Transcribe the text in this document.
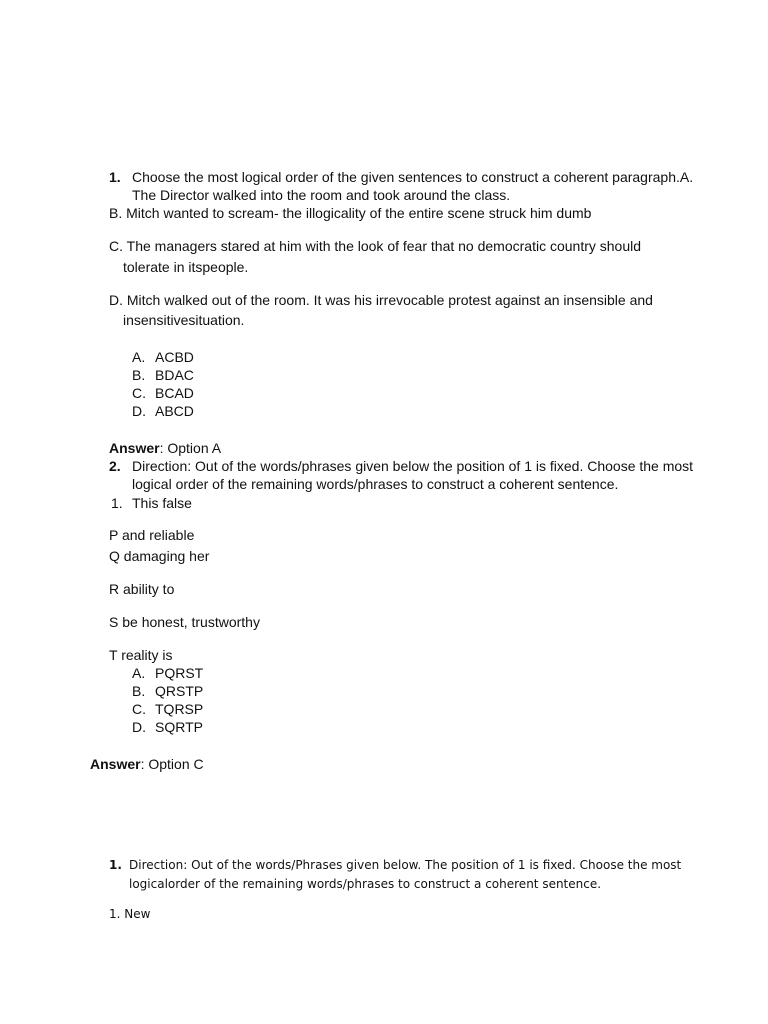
1. Choose the most logical order of the given sentences to construct a coherent paragraph.A.
The Director walked into the room and took around the class.
B. Mitch wanted to scream- the illogicality of the entire scene struck him dumb
C. The managers stared at him with the look of fear that no democratic country should
tolerate in itspeople.
D. Mitch walked out of the room. It was his irrevocable protest against an insensible and
insensitivesituation.
A. ACBD
B. BDAC
C. BCAD
D. ABCD
Answer: Option A
2. Direction: Out of the words/phrases given below the position of 1 is fixed. Choose the most
logical order of the remaining words/phrases to construct a coherent sentence.
1. This false
P and reliable
Q damaging her
R ability to
S be honest, trustworthy
T reality is
A. PQRST
B. QRSTP
C. TQRSP
D. SQRTP
Answer: Option C
1. Direction: Out of the words/Phrases given below. The position of 1 is fixed. Choose the most
logicalorder of the remaining words/phrases to construct a coherent sentence.
1. New
